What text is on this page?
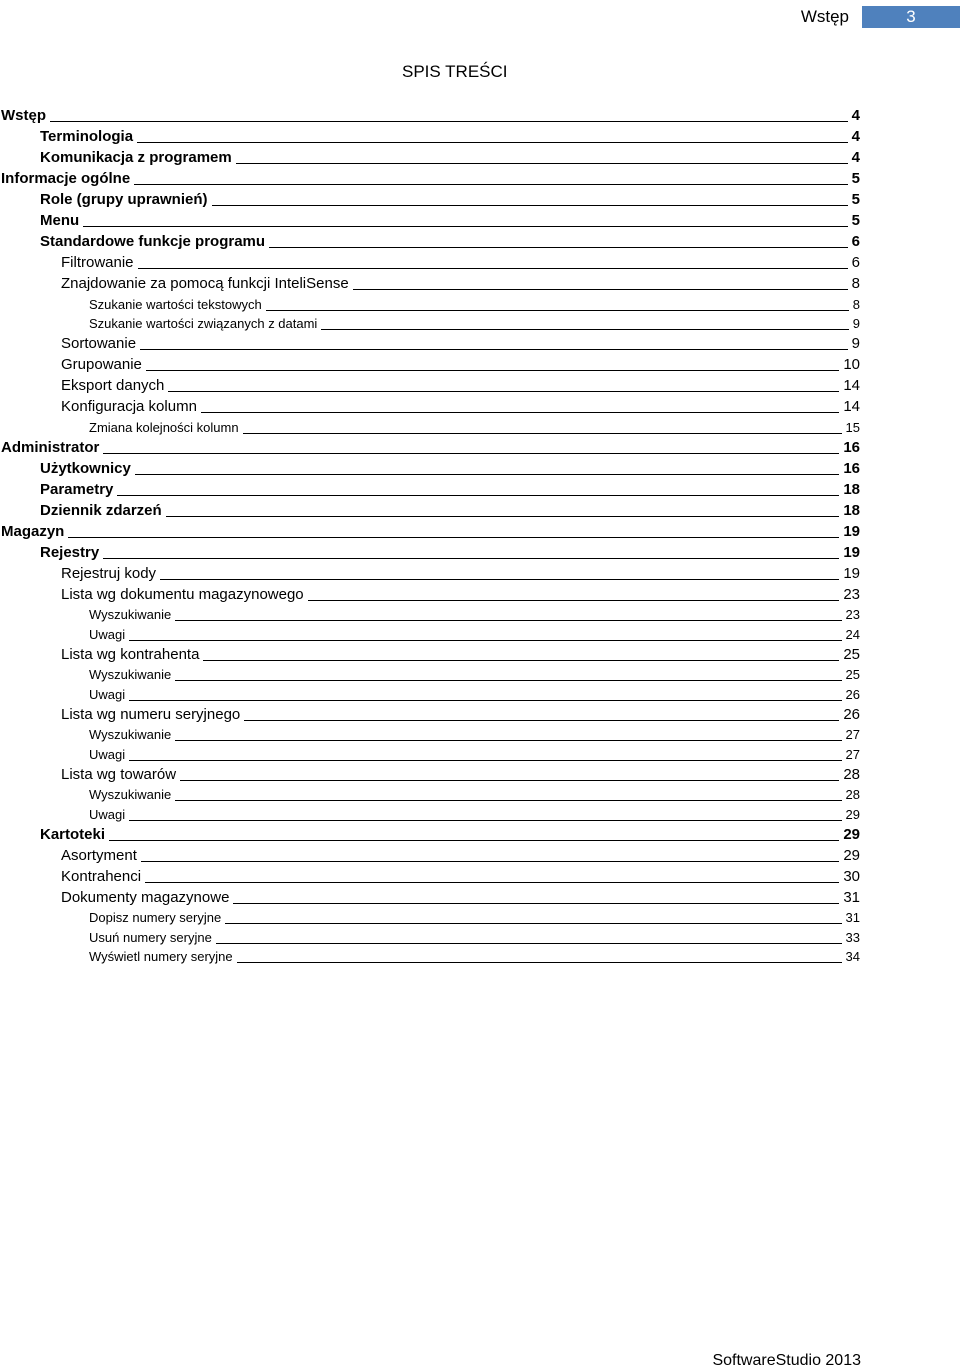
Wstęp	3
SPIS TREŚCI
Wstęp	4
Terminologia	4
Komunikacja z programem	4
Informacje ogólne	5
Role (grupy uprawnień)	5
Menu	5
Standardowe funkcje programu	6
Filtrowanie	6
Znajdowanie za pomocą funkcji InteliSense	8
Szukanie wartości tekstowych	8
Szukanie wartości związanych z datami	9
Sortowanie	9
Grupowanie	10
Eksport danych	14
Konfiguracja kolumn	14
Zmiana kolejności kolumn	15
Administrator	16
Użytkownicy	16
Parametry	18
Dziennik zdarzeń	18
Magazyn	19
Rejestry	19
Rejestruj kody	19
Lista wg dokumentu magazynowego	23
Wyszukiwanie	23
Uwagi	24
Lista wg kontrahenta	25
Wyszukiwanie	25
Uwagi	26
Lista wg numeru seryjnego	26
Wyszukiwanie	27
Uwagi	27
Lista wg towarów	28
Wyszukiwanie	28
Uwagi	29
Kartoteki	29
Asortyment	29
Kontrahenci	30
Dokumenty magazynowe	31
Dopisz numery seryjne	31
Usuń numery seryjne	33
Wyświetl numery seryjne	34
SoftwareStudio 2013
